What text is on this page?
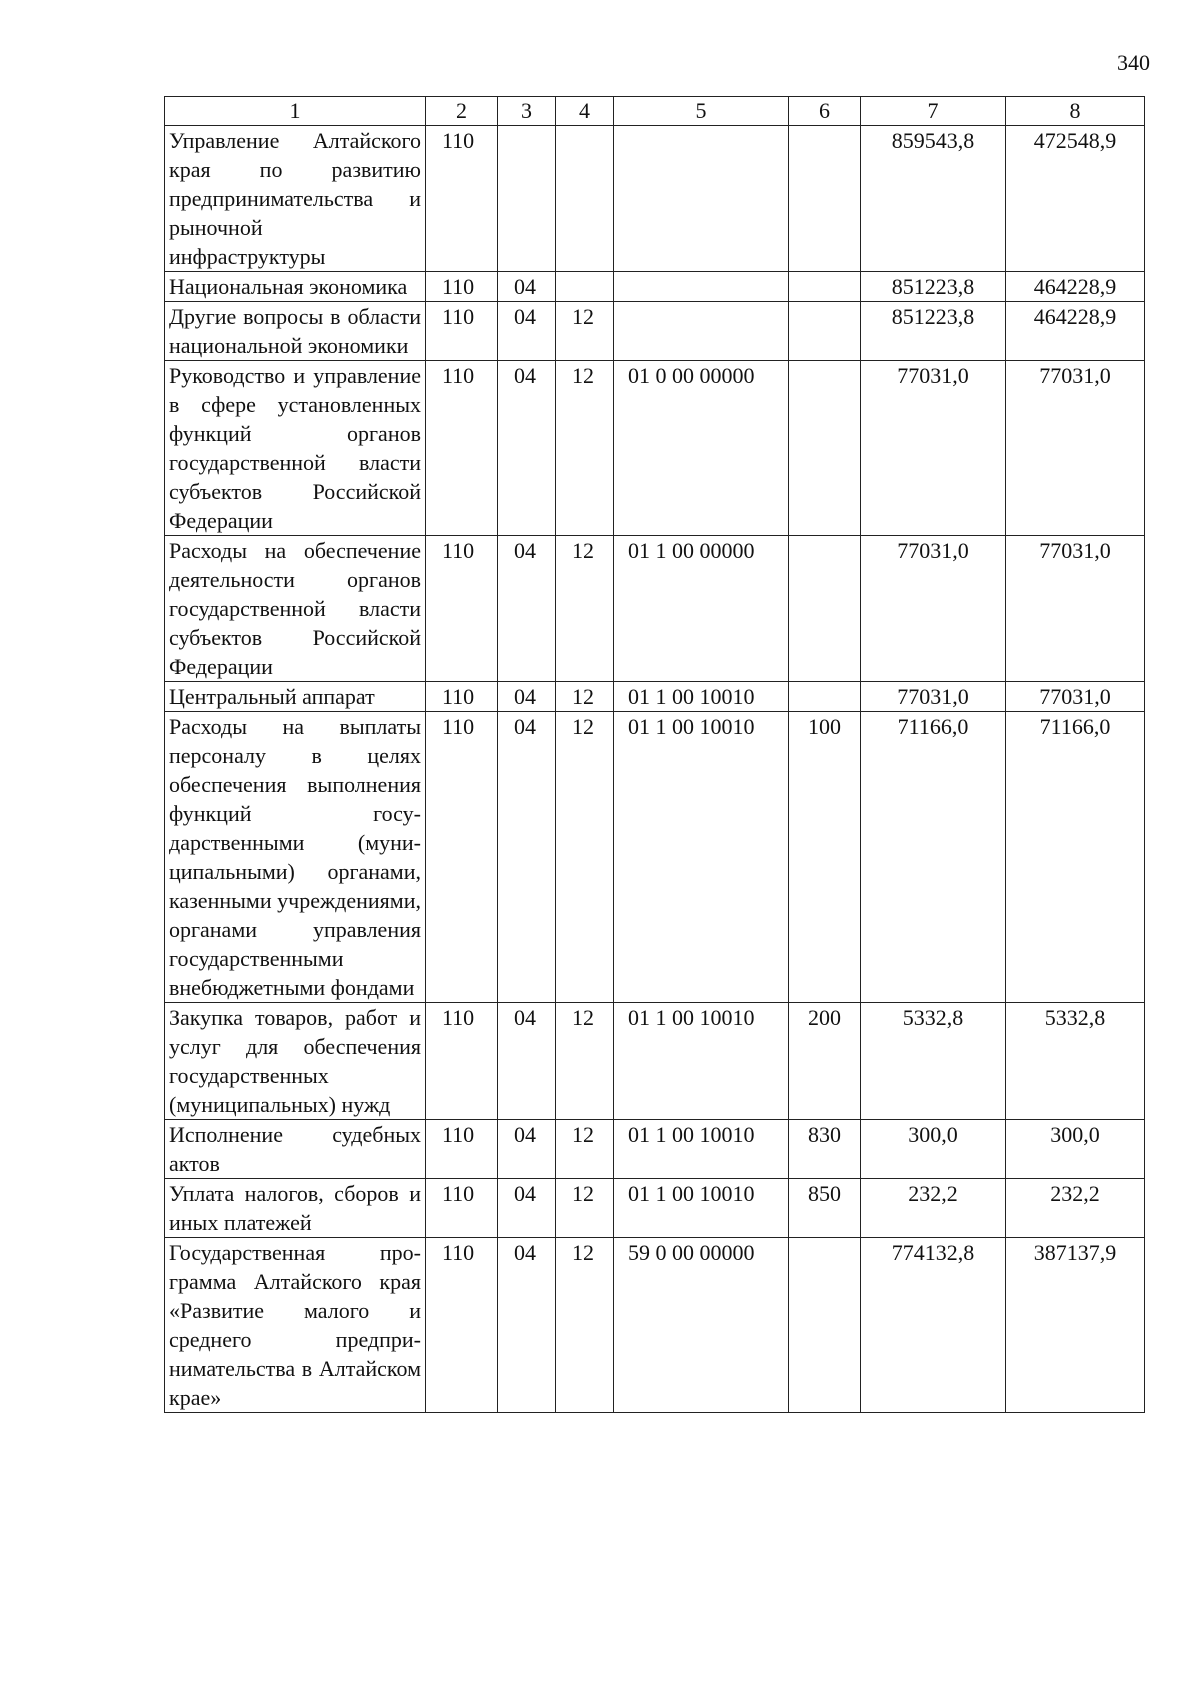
340
1	2	3	4	5	6	7	8
Управление Алтайского края по развитию предпринимательства и рыночной инфраструктуры	110					859543,8	472548,9
Национальная экономика	110	04				851223,8	464228,9
Другие вопросы в области национальной экономики	110	04	12			851223,8	464228,9
Руководство и управление в сфере установленных функций органов государственной власти субъектов Российской Федерации	110	04	12	01 0 00 00000		77031,0	77031,0
Расходы на обеспечение деятельности органов государственной власти субъектов Российской Федерации	110	04	12	01 1 00 00000		77031,0	77031,0
Центральный аппарат	110	04	12	01 1 00 10010		77031,0	77031,0
Расходы на выплаты персоналу в целях обеспечения выполнения функций государственными (муниципальными) органами, казенными учреждениями, органами управления государственными внебюджетными фондами	110	04	12	01 1 00 10010	100	71166,0	71166,0
Закупка товаров, работ и услуг для обеспечения государственных (муниципальных) нужд	110	04	12	01 1 00 10010	200	5332,8	5332,8
Исполнение судебных актов	110	04	12	01 1 00 10010	830	300,0	300,0
Уплата налогов, сборов и иных платежей	110	04	12	01 1 00 10010	850	232,2	232,2
Государственная программа Алтайского края «Развитие малого и среднего предпринимательства в Алтайском крае»	110	04	12	59 0 00 00000		774132,8	387137,9
